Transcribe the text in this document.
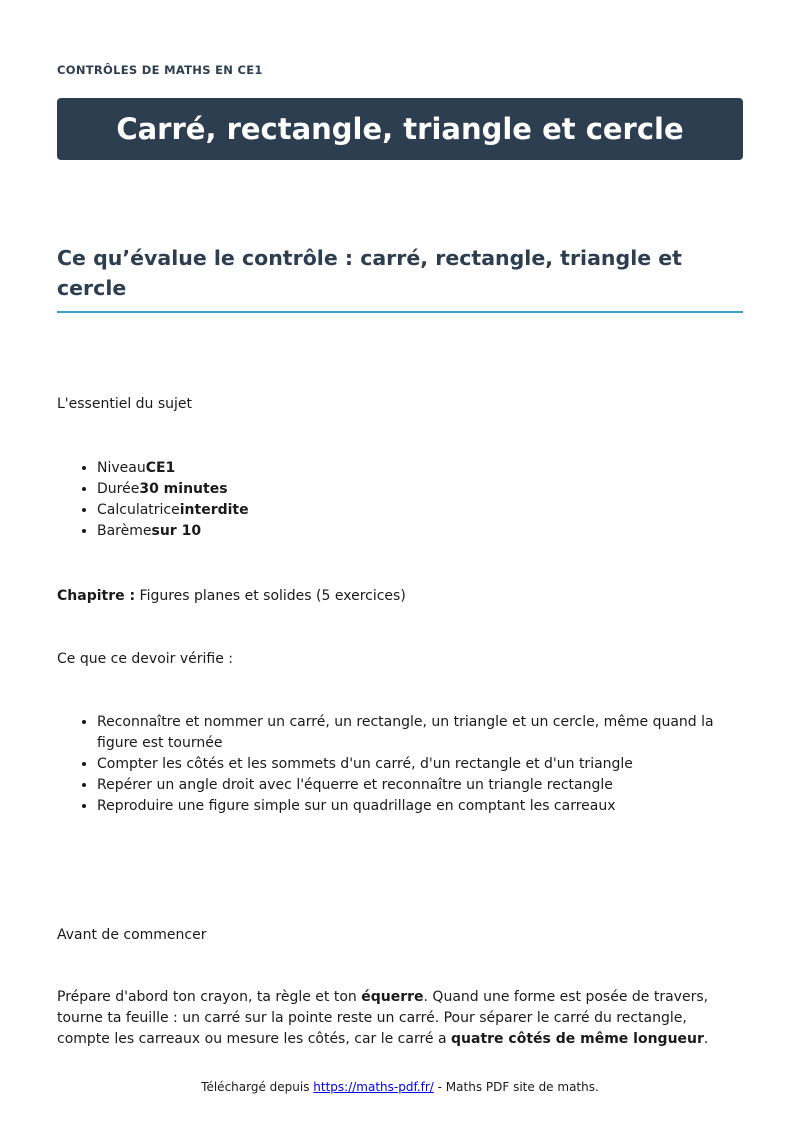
CONTRÔLES DE MATHS EN CE1
Carré, rectangle, triangle et cercle
Ce qu’évalue le contrôle : carré, rectangle, triangle et cercle

L'essentiel du sujet

• NiveauCE1
• Durée30 minutes
• Calculatriceinterdite
• Barèmesur 10

Chapitre : Figures planes et solides (5 exercices)

Ce que ce devoir vérifie :

• Reconnaître et nommer un carré, un rectangle, un triangle et un cercle, même quand la figure est tournée
• Compter les côtés et les sommets d'un carré, d'un rectangle et d'un triangle
• Repérer un angle droit avec l'équerre et reconnaître un triangle rectangle
• Reproduire une figure simple sur un quadrillage en comptant les carreaux

Avant de commencer

Prépare d'abord ton crayon, ta règle et ton équerre. Quand une forme est posée de travers, tourne ta feuille : un carré sur la pointe reste un carré. Pour séparer le carré du rectangle, compte les carreaux ou mesure les côtés, car le carré a quatre côtés de même longueur.

Téléchargé depuis https://maths-pdf.fr/ - Maths PDF site de maths.
